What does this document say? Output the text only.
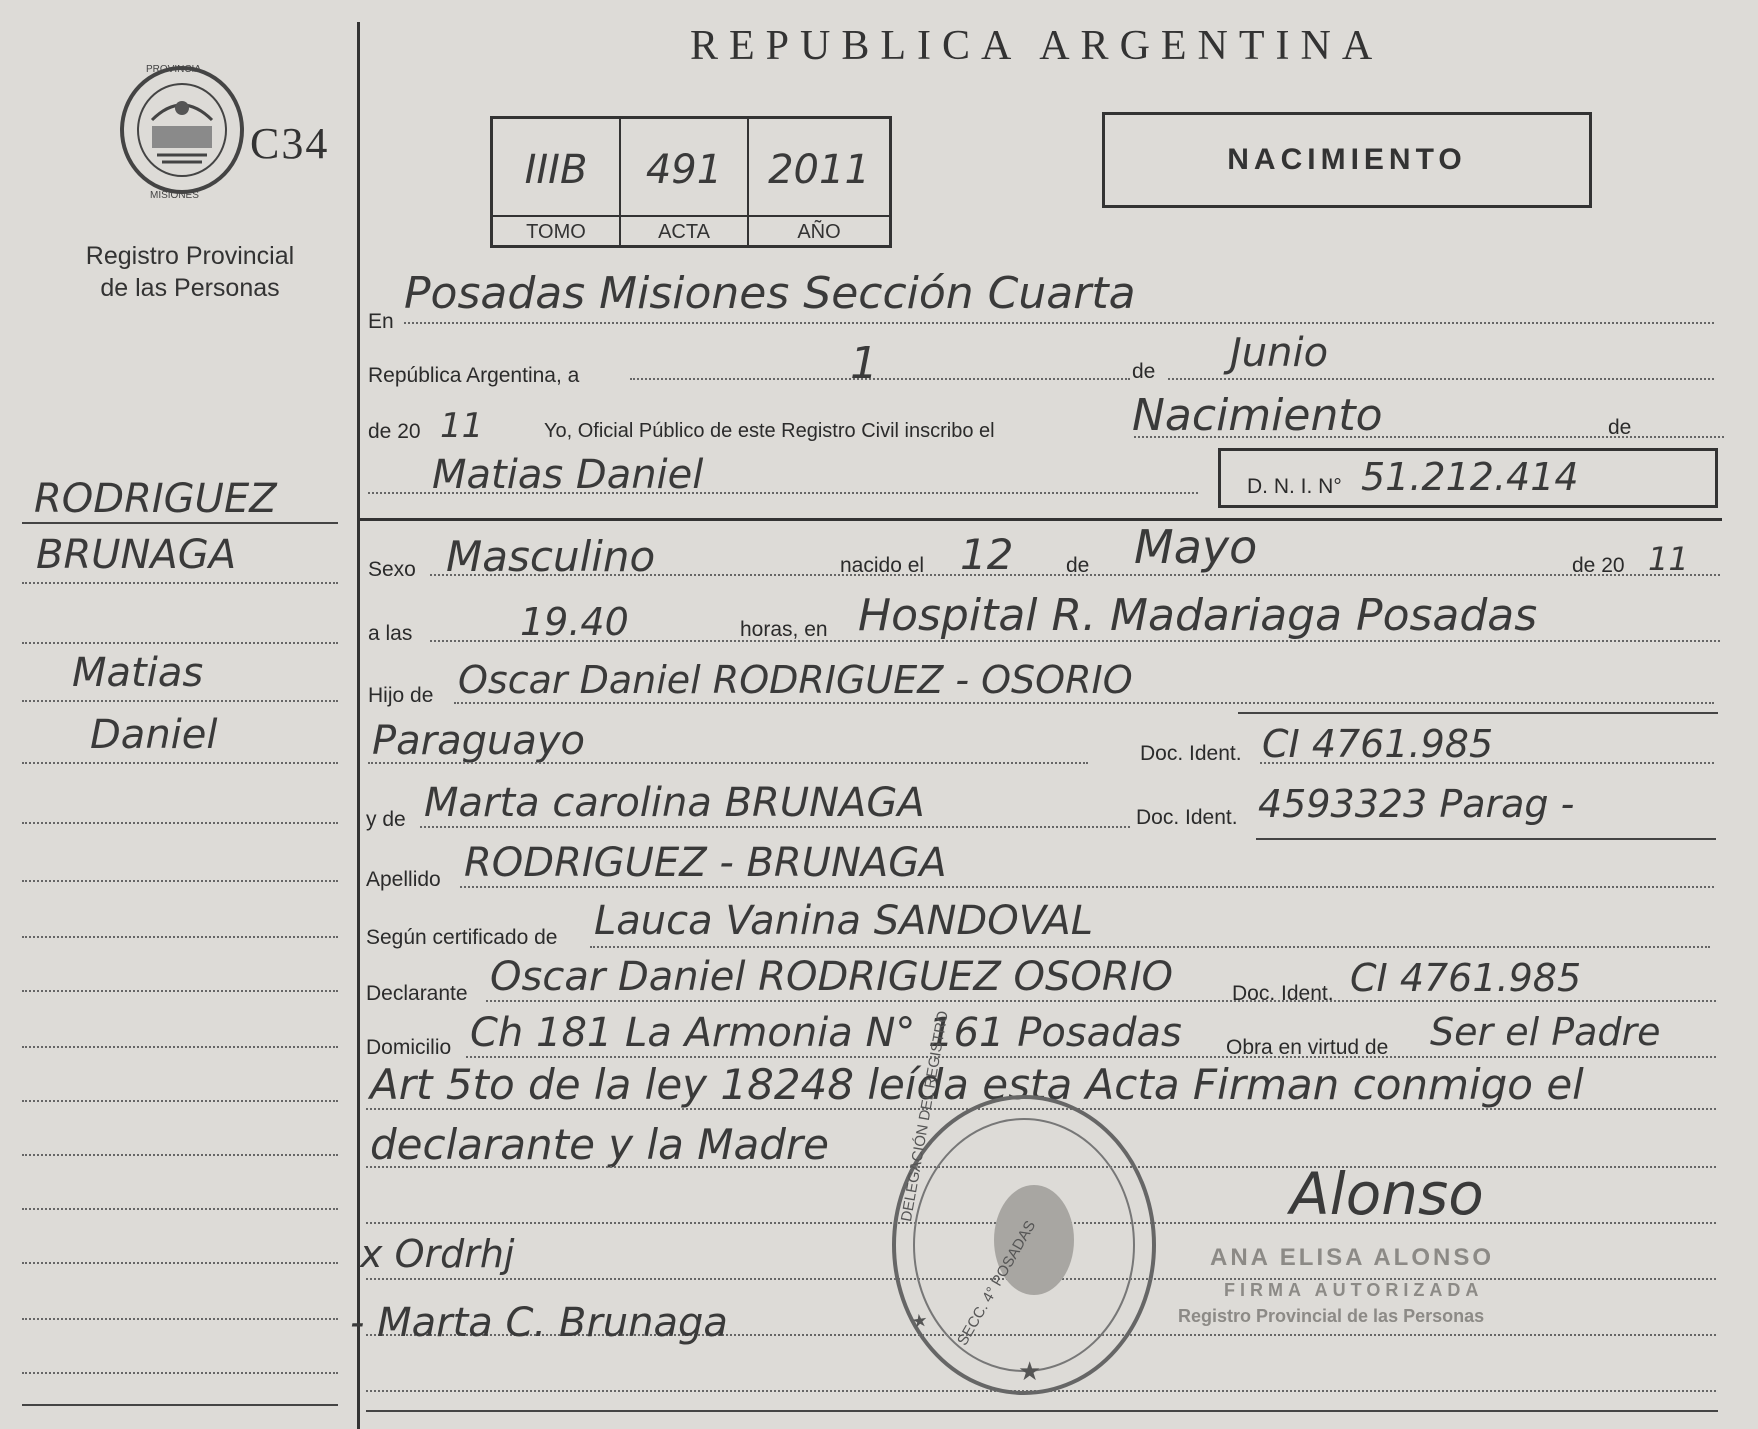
C34
Registro Provincial
de las Personas
RODRIGUEZ
BRUNAGA
Matias
Daniel
REPUBLICA ARGENTINA
IIIB	491	2011
TOMO	ACTA	AÑO
NACIMIENTO
En
Posadas Misiones Sección Cuarta
República Argentina, a	1	de Junio
de 20 11	Yo, Oficial Público de este Registro Civil inscribo el	Nacimiento	de
Matias Daniel	D. N. I. N° 51.212.414
Sexo Masculino	nacido el 12	de Mayo	de 20 11
a las	19.40	horas, en Hospital R. Madariaga Posadas
Hijo de Oscar Daniel RODRIGUEZ - OSORIO
Paraguayo	Doc. Ident. CI 4761.985
y de Marta carolina BRUNAGA	Doc. Ident. 4593323 Parag -
Apellido RODRIGUEZ - BRUNAGA
Según certificado de Lauca Vanina SANDOVAL
Declarante Oscar Daniel RODRIGUEZ OSORIO	Doc. Ident. CI 4761.985
Domicilio Ch 181 La Armonia N° 161 Posadas Obra en virtud de Ser el Padre
Art 5to de la ley 18248 leída esta Acta Firman conmigo el
declarante y la Madre
x Ordrhj
- Marta C. Brunaga	★
★
DELEGACIÓN DEL REGISTRO
SECC. 4° POSADAS
Alonso
ANA ELISA ALONSO
FIRMA AUTORIZADA
Registro Provincial de las Personas
PROVINCIA
MISIONES
